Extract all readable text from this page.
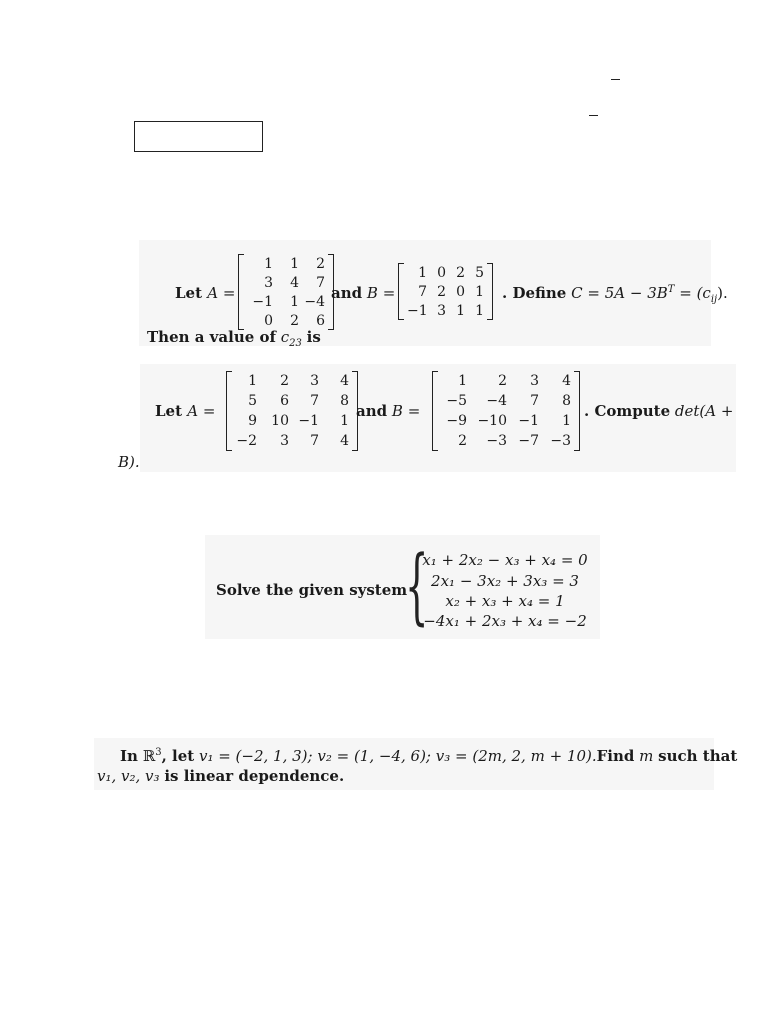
Let A =
1	1	2
3	4	7
−1	1 −4
0	2	6
and B =
1 0 2 5
7 2 0 1
−1 3 1 1
. Define $C = 5A - 3B^T = (c_{ij})$.
Then a value of $c_{23}$ is
Let A =
1	2	3	4
5	6	7	8
9	10 −1	1
−2	3	7	4
and B =
1	2	3	4
−5	−4	7	8
−9 −10 −1	1
2	−3 −7 −3
. Compute det(A +
B).
Solve the given system
{
x₁ + 2x₂ − x₃ + x₄ = 0
2x₁ − 3x₂ + 3x₃ = 3
x₂ + x₃ + x₄ = 1
−4x₁ + 2x₃ + x₄ = −2
In ℝ$^3$, let v₁ = (−2, 1, 3); v₂ = (1, −4, 6); v₃ = (2m, 2, m + 10).Find m such that
v₁, v₂, v₃ is linear dependence.
